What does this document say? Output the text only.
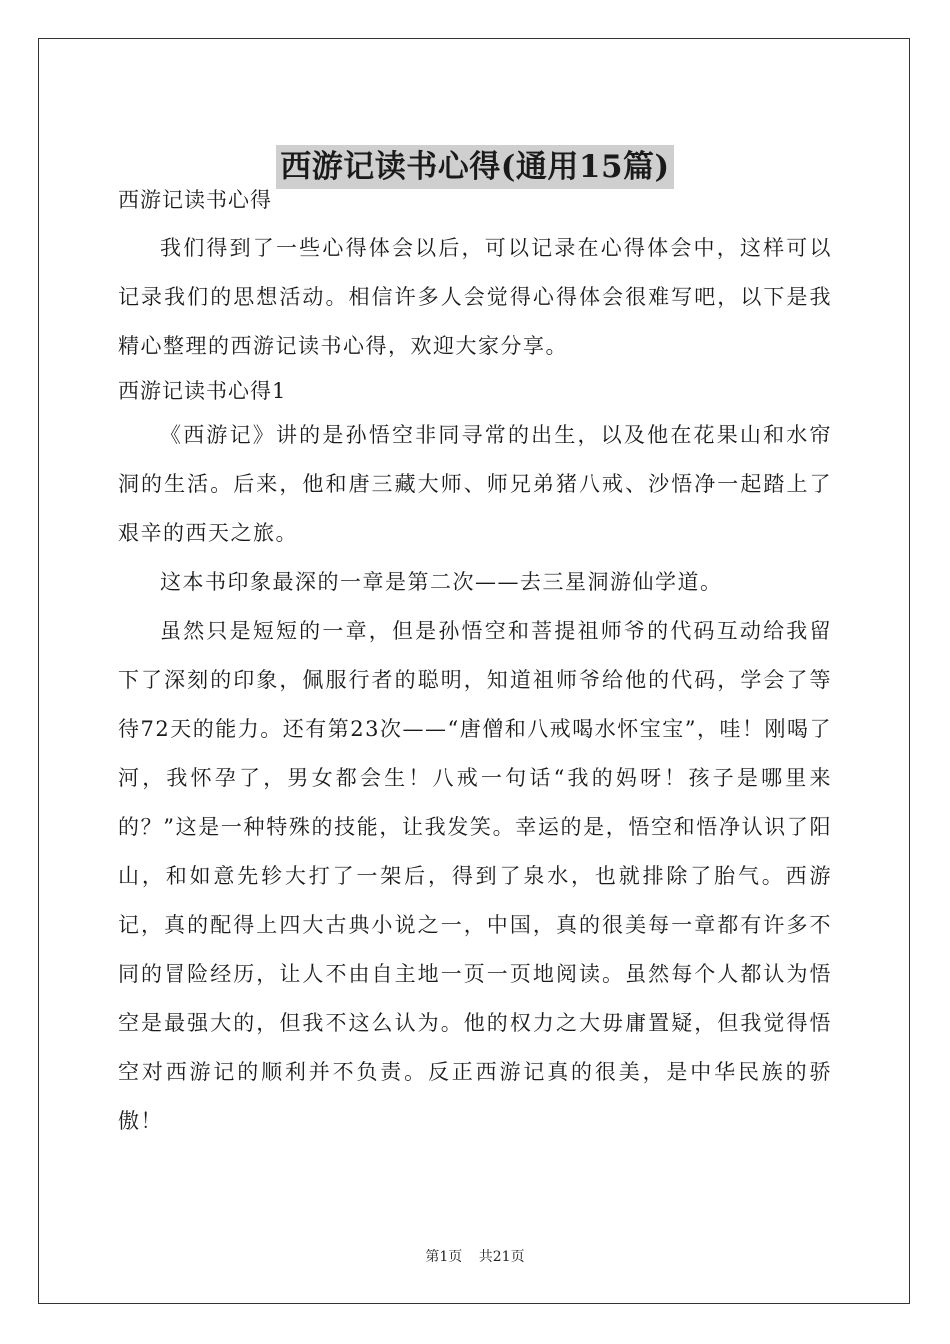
西游记读书心得(通用15篇)

西游记读书心得

我们得到了一些心得体会以后，可以记录在心得体会中，这样可以记录我们的思想活动。相信许多人会觉得心得体会很难写吧，以下是我精心整理的西游记读书心得，欢迎大家分享。

西游记读书心得1

《西游记》讲的是孙悟空非同寻常的出生，以及他在花果山和水帘洞的生活。后来，他和唐三藏大师、师兄弟猪八戒、沙悟净一起踏上了艰辛的西天之旅。

这本书印象最深的一章是第二次——去三星洞游仙学道。

虽然只是短短的一章，但是孙悟空和菩提祖师爷的代码互动给我留下了深刻的印象，佩服行者的聪明，知道祖师爷给他的代码，学会了等待72天的能力。还有第23次——“唐僧和八戒喝水怀宝宝”，哇！刚喝了河，我怀孕了，男女都会生！八戒一句话“我的妈呀！孩子是哪里来的？”这是一种特殊的技能，让我发笑。幸运的是，悟空和悟净认识了阳山，和如意先轸大打了一架后，得到了泉水，也就排除了胎气。西游记，真的配得上四大古典小说之一，中国，真的很美每一章都有许多不同的冒险经历，让人不由自主地一页一页地阅读。虽然每个人都认为悟空是最强大的，但我不这么认为。他的权力之大毋庸置疑，但我觉得悟空对西游记的顺利并不负责。反正西游记真的很美，是中华民族的骄傲！

第1页 共21页
